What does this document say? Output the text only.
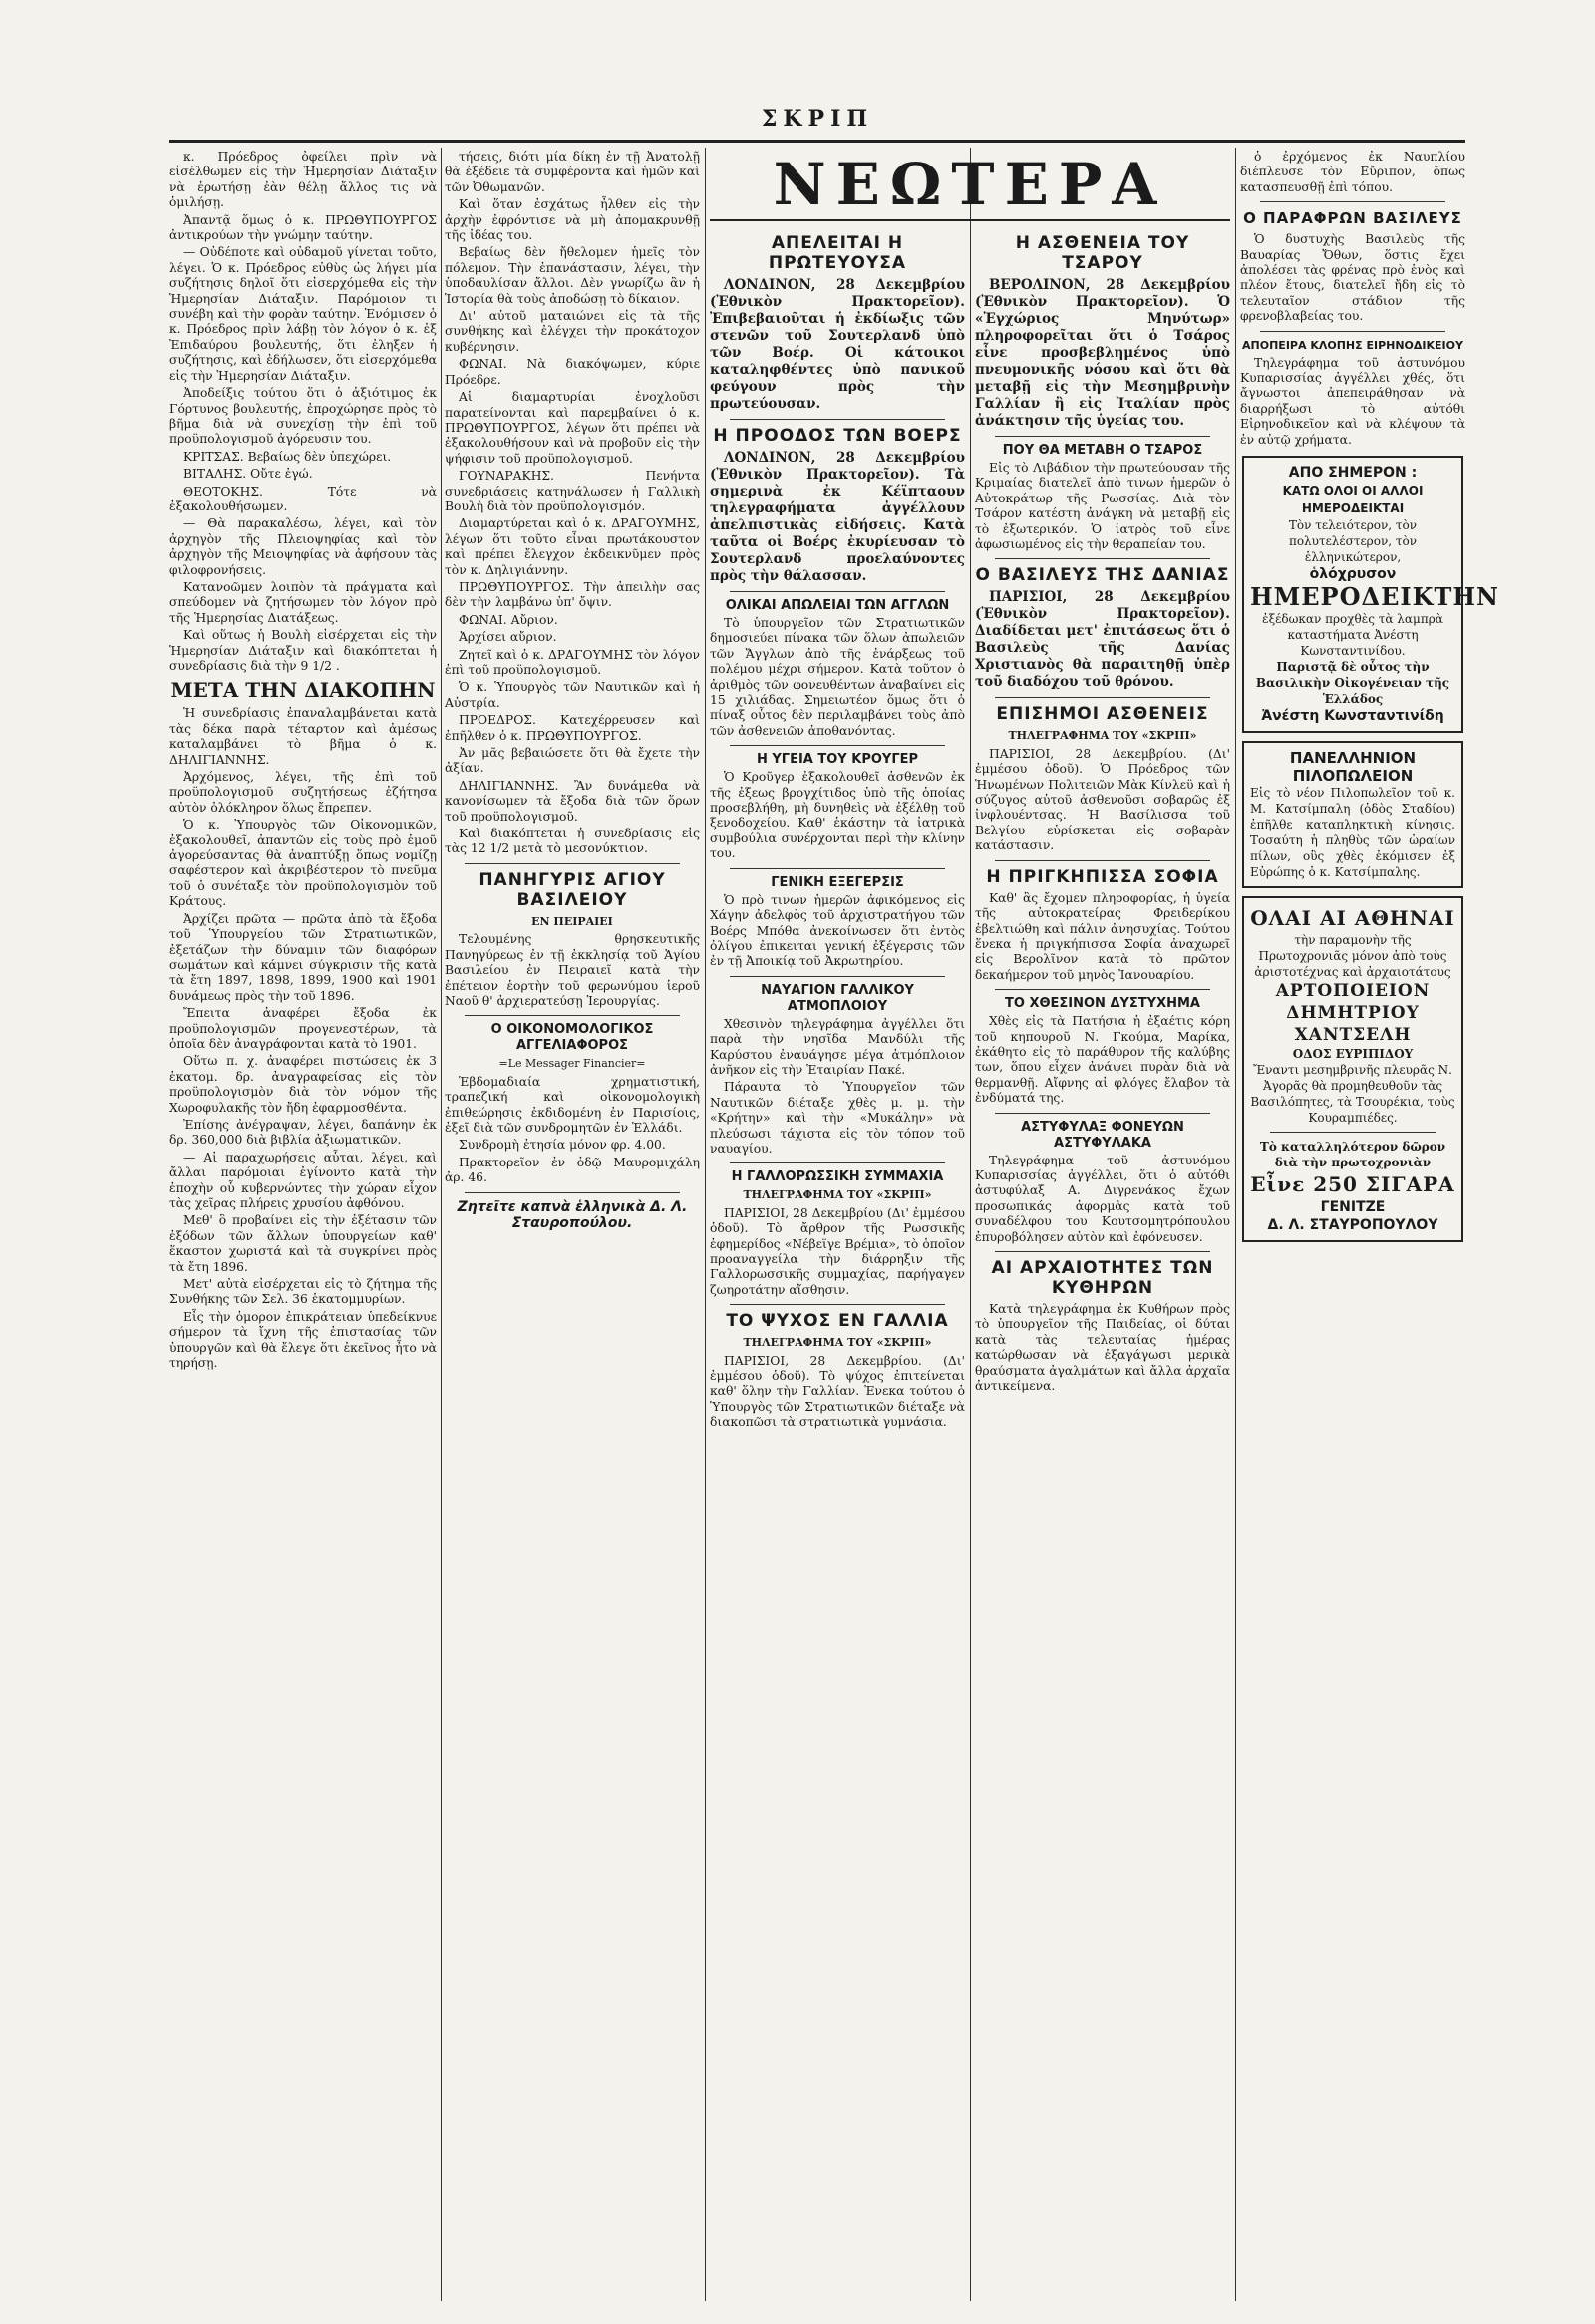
ΣΚΡΙΠ

κ. Πρόεδρος ὀφείλει πρὶν νὰ εἰσέλθωμεν εἰς τὴν Ἡμερησίαν Διάταξιν νὰ ἐρωτήσῃ ἐὰν θέλῃ ἄλλος τις νὰ ὁμιλήσῃ.

Ἀπαντᾷ ὅμως ὁ κ. ΠΡΩΘΥΠΟΥΡΓΟΣ ἀντικρούων τὴν γνώμην ταύτην.

— Οὐδέποτε καὶ οὐδαμοῦ γίνεται τοῦτο, λέγει. Ὁ κ. Πρόεδρος εὐθὺς ὡς λήγει μία συζήτησις δηλοῖ ὅτι εἰσερχόμεθα εἰς τὴν Ἡμερησίαν Διάταξιν. Παρόμοιον τι συνέβη καὶ τὴν φορὰν ταύτην. Ἐνόμισεν ὁ κ. Πρόεδρος πρὶν λάβῃ τὸν λόγον ὁ κ. ἐξ Ἐπιδαύρου βουλευτής, ὅτι ἐληξεν ἡ συζήτησις, καὶ ἐδήλωσεν, ὅτι εἰσερχόμεθα εἰς τὴν Ἡμερησίαν Διάταξιν.

Ἀποδείξις τούτου ὅτι ὁ ἀξιότιμος ἐκ Γόρτυνος βουλευτής, ἐπροχώρησε πρὸς τὸ βῆμα διὰ νὰ συνεχίσῃ τὴν ἐπὶ τοῦ προϋπολογισμοῦ ἀγόρευσιν του.

ΚΡΙΤΣΑΣ. Βεβαίως δὲν ὑπεχώρει.

ΒΙΤΑΛΗΣ. Οὔτε ἐγώ.

ΘΕΟΤΟΚΗΣ. Τότε νὰ ἐξακολουθήσωμεν.

— Θὰ παρακαλέσω, λέγει, καὶ τὸν ἀρχηγὸν τῆς Πλειοψηφίας καὶ τὸν ἀρχηγὸν τῆς Μειοψηφίας νὰ ἀφήσουν τὰς φιλοφρονήσεις.

Κατανοῶμεν λοιπὸν τὰ πράγματα καὶ σπεύδομεν νὰ ζητήσωμεν τὸν λόγον πρὸ τῆς Ἡμερησίας Διατάξεως.

Καὶ οὕτως ἡ Βουλὴ εἰσέρχεται εἰς τὴν Ἡμερησίαν Διάταξιν καὶ διακόπτεται ἡ συνεδρίασις διὰ τὴν 9 1/2 .

ΜΕΤΑ ΤΗΝ ΔΙΑΚΟΠΗΝ

Ἡ συνεδρίασις ἐπαναλαμβάνεται κατὰ τὰς δέκα παρὰ τέταρτον καὶ ἀμέσως καταλαμβάνει τὸ βῆμα ὁ κ. ΔΗΛΙΓΙΑΝΝΗΣ.

Ἀρχόμενος, λέγει, τῆς ἐπὶ τοῦ προϋπολογισμοῦ συζητήσεως ἐζήτησα αὐτὸν ὁλόκληρον ὅλως ἔπρεπεν.

Ὁ κ. Ὑπουργὸς τῶν Οἰκονομικῶν, ἐξακολουθεῖ, ἀπαντῶν εἰς τοὺς πρὸ ἐμοῦ ἀγορεύσαντας θὰ ἀναπτύξῃ ὅπως νομίζῃ σαφέστερον καὶ ἀκριβέστερον τὸ πνεῦμα τοῦ ὁ συνέταξε τὸν προϋπολογισμὸν τοῦ Κράτους.

Ἀρχίζει πρῶτα — πρῶτα ἀπὸ τὰ ἔξοδα τοῦ Ὑπουργείου τῶν Στρατιωτικῶν, ἐξετάζων τὴν δύναμιν τῶν διαφόρων σωμάτων καὶ κάμνει σύγκρισιν τῆς κατὰ τὰ ἔτη 1897, 1898, 1899, 1900 καὶ 1901 δυνάμεως πρὸς τὴν τοῦ 1896.

Ἔπειτα ἀναφέρει ἔξοδα ἐκ προϋπολογισμῶν προγενεστέρων, τὰ ὁποῖα δὲν ἀναγράφονται κατὰ τὸ 1901.

Οὕτω π. χ. ἀναφέρει πιστώσεις ἐκ 3 ἑκατομ. δρ. ἀναγραφείσας εἰς τὸν προϋπολογισμὸν διὰ τὸν νόμον τῆς Χωροφυλακῆς τὸν ἤδη ἐφαρμοσθέντα.

Ἐπίσης ἀνέγραψαν, λέγει, δαπάνην ἐκ δρ. 360,000 διὰ βιβλία ἀξιωματικῶν.

— Αἱ παραχωρήσεις αὗται, λέγει, καὶ ἄλλαι παρόμοιαι ἐγίνοντο κατὰ τὴν ἐποχὴν οὗ κυβερνώντες τὴν χώραν εἶχον τὰς χεῖρας πλήρεις χρυσίου ἀφθόνου.

Μεθ' ὃ προβαίνει εἰς τὴν ἐξέτασιν τῶν ἐξόδων τῶν ἄλλων ὑπουργείων καθ' ἕκαστον χωριστά καὶ τὰ συγκρίνει πρὸς τὰ ἔτη 1896.

Μετ' αὐτὰ εἰσέρχεται εἰς τὸ ζήτημα τῆς Συνθήκης τῶν Σελ. 36 ἑκατομμυρίων.

Εἶς τὴν ὁμορον ἐπικράτειαν ὑπεδείκνυε σήμερον τὰ ἴχνη τῆς ἐπιστασίας τῶν ὑπουργῶν καὶ θὰ ἔλεγε ὅτι ἐκεῖνος ἦτο νὰ τηρήσῃ.

τήσεις, διότι μία δίκη ἐν τῇ Ἀνατολῇ θὰ ἐξέδειε τὰ συμφέροντα καὶ ἡμῶν καὶ τῶν Ὀθωμανῶν.

Καὶ ὅταν ἐσχάτως ἦλθεν εἰς τὴν ἀρχὴν ἐφρόντισε νὰ μὴ ἀπομακρυνθῇ τῆς ἰδέας του.

Βεβαίως δὲν ἤθελομεν ἡμεῖς τὸν πόλεμον. Τὴν ἐπανάστασιν, λέγει, τὴν ὑποδαυλίσαν ἄλλοι. Δὲν γνωρίζω ἂν ἡ Ἱστορία θὰ τοὺς ἀποδώσῃ τὸ δίκαιον.

Δι' αὐτοῦ ματαιώνει εἰς τὰ τῆς συνθήκης καὶ ἐλέγχει τὴν προκάτοχον κυβέρνησιν.

ΦΩΝΑΙ. Νὰ διακόψωμεν, κύριε Πρόεδρε.

Αἱ διαμαρτυρίαι ἐνοχλοῦσι παρατείνονται καὶ παρεμβαίνει ὁ κ. ΠΡΩΘΥΠΟΥΡΓΟΣ, λέγων ὅτι πρέπει νὰ ἐξακολουθήσουν καὶ νὰ προβοῦν εἰς τὴν ψήφισιν τοῦ προϋπολογισμοῦ.

ΓΟΥΝΑΡΑΚΗΣ. Πενήντα συνεδριάσεις κατηνάλωσεν ἡ Γαλλικὴ Βουλὴ διὰ τὸν προϋπολογισμόν.

Διαμαρτύρεται καὶ ὁ κ. ΔΡΑΓΟΥΜΗΣ, λέγων ὅτι τοῦτο εἶναι πρωτάκουστον καὶ πρέπει ἔλεγχον ἐκδεικνῦμεν πρὸς τὸν κ. Δηλιγιάννην.

ΠΡΩΘΥΠΟΥΡΓΟΣ. Τὴν ἀπειλὴν σας δὲν τὴν λαμβάνω ὑπ' ὄψιν.

ΦΩΝΑΙ. Αὔριον.

Ἀρχίσει αὔριον.

Ζητεῖ καὶ ὁ κ. ΔΡΑΓΟΥΜΗΣ τὸν λόγον ἐπὶ τοῦ προϋπολογισμοῦ.

Ὁ κ. Ὑπουργὸς τῶν Ναυτικῶν καὶ ἡ Αὐστρία.

ΠΡΟΕΔΡΟΣ. Κατεχέρρευσεν καὶ ἐπῆλθεν ὁ κ. ΠΡΩΘΥΠΟΥΡΓΟΣ.

Ἀν μᾶς βεβαιώσετε ὅτι θὰ ἔχετε τὴν ἀξίαν.

ΔΗΛΙΓΙΑΝΝΗΣ. Ἂν δυνάμεθα νὰ κανονίσωμεν τὰ ἔξοδα διὰ τῶν ὅρων τοῦ προϋπολογισμοῦ.

Καὶ διακόπτεται ἡ συνεδρίασις εἰς τὰς 12 1/2 μετὰ τὸ μεσονύκτιον.

ΠΑΝΗΓΥΡΙΣ ΑΓΙΟΥ ΒΑΣΙΛΕΙΟΥ
ΕΝ ΠΕΙΡΑΙΕΙ

Τελουμένης θρησκευτικῆς Πανηγύρεως ἐν τῇ ἐκκλησίᾳ τοῦ Ἁγίου Βασιλείου ἐν Πειραιεῖ κατὰ τὴν ἐπέτειον ἑορτὴν τοῦ φερωνύμου ἱεροῦ Ναοῦ θ' ἀρχιερατεύσῃ Ἱερουργίας.

Ο ΟΙΚΟΝΟΜΟΛΟΓΙΚΟΣ ΑΓΓΕΛΙΑΦΟΡΟΣ
=Le Messager Financier=

Ἑβδομαδιαία χρηματιστική, τραπεζική καὶ οἰκονομολογικὴ ἐπιθεώρησις ἐκδιδομένη ἐν Παρισίοις, ἐξεῖ διὰ τῶν συνδρομητῶν ἐν Ἑλλάδι.

Συνδρομὴ ἐτησία μόνον φρ. 4.00.

Πρακτορεῖον ἐν ὁδῷ Μαυρομιχάλη ἀρ. 46.

Ζητεῖτε καπνὰ ἑλληνικὰ Δ. Λ. Σταυροπούλου.
ΝΕΩΤΕΡΑ
ΑΠΕΛΕΙΤΑΙ Η ΠΡΩΤΕΥΟΥΣΑ

ΛΟΝΔΙΝΟΝ, 28 Δεκεμβρίου (Ἐθνικὸν Πρακτορεῖον). Ἐπιβεβαιοῦται ἡ ἐκδίωξις τῶν στενῶν τοῦ Σουτερλανδ ὑπὸ τῶν Βοέρ. Οἱ κάτοικοι καταληφθέντες ὑπὸ πανικοῦ φεύγουν πρὸς τὴν πρωτεύουσαν.

Η ΠΡΟΟΔΟΣ ΤΩΝ ΒΟΕΡΣ

ΛΟΝΔΙΝΟΝ, 28 Δεκεμβρίου (Ἐθνικὸν Πρακτορεῖον). Τὰ σημερινὰ ἐκ Κέϊπταουν τηλεγραφήματα ἀγγέλλουν ἀπελπιστικὰς εἰδήσεις. Κατὰ ταῦτα οἱ Βοέρς ἐκυρίευσαν τὸ Σουτερλανδ προελαύνοντες πρὸς τὴν θάλασσαν.

ΟΛΙΚΑΙ ΑΠΩΛΕΙΑΙ ΤΩΝ ΑΓΓΛΩΝ

Τὸ ὑπουργεῖον τῶν Στρατιωτικῶν δημοσιεύει πίνακα τῶν ὅλων ἀπωλειῶν τῶν Ἄγγλων ἀπὸ τῆς ἐνάρξεως τοῦ πολέμου μέχρι σήμερον. Κατὰ τοῦτον ὁ ἀριθμὸς τῶν φονευθέντων ἀναβαίνει εἰς 15 χιλιάδας. Σημειωτέον ὅμως ὅτι ὁ πίναξ οὗτος δὲν περιλαμβάνει τοὺς ἀπὸ τῶν ἀσθενειῶν ἀποθανόντας.

Η ΥΓΕΙΑ ΤΟΥ ΚΡΟΥΓΕΡ

Ὁ Κροῦγερ ἐξακολουθεῖ ἀσθενῶν ἐκ τῆς ἐξεως βρογχίτιδος ὑπὸ τῆς ὁποίας προσεβλήθη, μὴ δυνηθεὶς νὰ ἐξέλθῃ τοῦ ξενοδοχείου. Καθ' ἑκάστην τὰ ἰατρικὰ συμβούλια συνέρχονται περὶ τὴν κλίνην του.

ΓΕΝΙΚΗ ΕΞΕΓΕΡΣΙΣ

Ὁ πρὸ τινων ἡμερῶν ἀφικόμενος εἰς Χάγην ἀδελφὸς τοῦ ἀρχιστρατήγου τῶν Βοέρς Μπόθα ἀνεκοίνωσεν ὅτι ἐντὸς ὀλίγου ἐπικειται γενική ἐξέγερσις τῶν ἐν τῇ Ἀποικίᾳ τοῦ Ἀκρωτηρίου.

ΝΑΥΑΓΙΟΝ ΓΑΛΛΙΚΟΥ ΑΤΜΟΠΛΟΙΟΥ

Χθεσινὸν τηλεγράφημα ἀγγέλλει ὅτι παρὰ τὴν νησῖδα Μανδύλι τῆς Καρύστου ἐναυάγησε μέγα ἀτμόπλοιον ἀνῆκον εἰς τὴν Ἑταιρίαν Πακέ.

Πάραυτα τὸ Ὑπουργεῖον τῶν Ναυτικῶν διέταξε χθὲς μ. μ. τὴν «Κρήτην» καὶ τὴν «Μυκάλην» νὰ πλεύσωσι τάχιστα εἰς τὸν τόπον τοῦ ναυαγίου.

Η ΓΑΛΛΟΡΩΣΣΙΚΗ ΣΥΜΜΑΧΙΑ
ΤΗΛΕΓΡΑΦΗΜΑ ΤΟΥ «ΣΚΡΙΠ»

ΠΑΡΙΣΙΟΙ, 28 Δεκεμβρίου (Δι' ἐμμέσου ὁδοῦ). Τὸ ἄρθρον τῆς Ρωσσικῆς ἐφημερίδος «Νέβεϊγε Βρέμια», τὸ ὁποῖον προαναγγείλα τὴν διάρρηξιν τῆς Γαλλορωσσικῆς συμμαχίας, παρήγαγεν ζωηροτάτην αἴσθησιν.

ΤΟ ΨΥΧΟΣ ΕΝ ΓΑΛΛΙΑ
ΤΗΛΕΓΡΑΦΗΜΑ ΤΟΥ «ΣΚΡΙΠ»

ΠΑΡΙΣΙΟΙ, 28 Δεκεμβρίου. (Δι' ἐμμέσου ὁδοῦ). Τὸ ψύχος ἐπιτείνεται καθ' ὅλην τὴν Γαλλίαν. Ἐνεκα τούτου ὁ Ὑπουργὸς τῶν Στρατιωτικῶν διέταξε νὰ διακοπῶσι τὰ στρατιωτικὰ γυμνάσια.

Η ΑΣΘΕΝΕΙΑ ΤΟΥ ΤΣΑΡΟΥ

ΒΕΡΟΛΙΝΟΝ, 28 Δεκεμβρίου (Ἐθνικὸν Πρακτορεῖον). Ὁ «Ἐγχώριος Μηνύτωρ» πληροφορεῖται ὅτι ὁ Τσάρος εἶνε προσβεβλημένος ὑπὸ πνευμονικῆς νόσου καὶ ὅτι θὰ μεταβῇ εἰς τὴν Μεσημβρινὴν Γαλλίαν ἢ εἰς Ἰταλίαν πρὸς ἀνάκτησιν τῆς ὑγείας του.

ΠΟΥ ΘΑ ΜΕΤΑΒΗ Ο ΤΣΑΡΟΣ

Εἰς τὸ Λιβάδιον τὴν πρωτεύουσαν τῆς Κριμαίας διατελεῖ ἀπὸ τινων ἡμερῶν ὁ Αὐτοκράτωρ τῆς Ρωσσίας. Διὰ τὸν Τσάρον κατέστη ἀνάγκη νὰ μεταβῇ εἰς τὸ ἐξωτερικόν. Ὁ ἰατρὸς τοῦ εἶνε ἀφωσιωμένος εἰς τὴν θεραπείαν του.

Ο ΒΑΣΙΛΕΥΣ ΤΗΣ ΔΑΝΙΑΣ

ΠΑΡΙΣΙΟΙ, 28 Δεκεμβρίου (Ἐθνικὸν Πρακτορεῖον). Διαδίδεται μετ' ἐπιτάσεως ὅτι ὁ Βασιλεὺς τῆς Δανίας Χριστιανὸς θὰ παραιτηθῇ ὑπὲρ τοῦ διαδόχου τοῦ θρόνου.

ΕΠΙΣΗΜΟΙ ΑΣΘΕΝΕΙΣ
ΤΗΛΕΓΡΑΦΗΜΑ ΤΟΥ «ΣΚΡΙΠ»

ΠΑΡΙΣΙΟΙ, 28 Δεκεμβρίου. (Δι' ἐμμέσου ὁδοῦ). Ὁ Πρόεδρος τῶν Ἡνωμένων Πολιτειῶν Μὰκ Κίνλεϋ καὶ ἡ σύζυγος αὐτοῦ ἀσθενοῦσι σοβαρῶς ἐξ ἰνφλουέντσας. Ἡ Βασίλισσα τοῦ Βελγίου εὑρίσκεται εἰς σοβαρὰν κατάστασιν.

Η ΠΡΙΓΚΗΠΙΣΣΑ ΣΟΦΙΑ

Καθ' ἃς ἔχομεν πληροφορίας, ἡ ὑγεία τῆς αὐτοκρατείρας Φρειδερίκου ἐβελτιώθη καὶ πάλιν ἀνησυχίας. Τούτου ἕνεκα ἡ πριγκήπισσα Σοφία ἀναχωρεῖ εἰς Βερολῖνον κατὰ τὸ πρῶτον δεκαήμερον τοῦ μηνὸς Ἰανουαρίου.

ΤΟ ΧΘΕΣΙΝΟΝ ΔΥΣΤΥΧΗΜΑ

Χθὲς εἰς τὰ Πατήσια ἡ ἐξαέτις κόρη τοῦ κηπουροῦ Ν. Γκούμα, Μαρίκα, ἐκάθητο εἰς τὸ παράθυρον τῆς καλύβης των, ὅπου εἶχεν ἀνάψει πυρὰν διὰ νὰ θερμανθῇ. Αἴφνης αἱ φλόγες ἔλαβον τὰ ἐνδύματά της.

ΑΣΤΥΦΥΛΑΞ ΦΟΝΕΥΩΝ ΑΣΤΥΦΥΛΑΚΑ

Τηλεγράφημα τοῦ ἀστυνόμου Κυπαρισσίας ἀγγέλλει, ὅτι ὁ αὐτόθι ἀστυφύλαξ Α. Διγρενάκος ἔχων προσωπικάς ἀφορμὰς κατὰ τοῦ συναδέλφου του Κουτσομητρόπουλου ἐπυροβόλησεν αὐτὸν καὶ ἐφόνευσεν.

ΑΙ ΑΡΧΑΙΟΤΗΤΕΣ ΤΩΝ ΚΥΘΗΡΩΝ

Κατὰ τηλεγράφημα ἐκ Κυθήρων πρὸς τὸ ὑπουργεῖον τῆς Παιδείας, οἱ δύται κατὰ τὰς τελευταίας ἡμέρας κατώρθωσαν νὰ ἐξαγάγωσι μερικὰ θραύσματα ἀγαλμάτων καὶ ἄλλα ἀρχαῖα ἀντικείμενα.

ὁ ἐρχόμενος ἐκ Ναυπλίου διέπλευσε τὸν Εὔριπον, ὅπως κατασπευσθῇ ἐπὶ τόπου.

Ο ΠΑΡΑΦΡΩΝ ΒΑΣΙΛΕΥΣ

Ὁ δυστυχὴς Βασιλεὺς τῆς Βαυαρίας Ὄθων, ὅστις ἔχει ἀπολέσει τὰς φρένας πρὸ ἑνὸς καὶ πλέον ἔτους, διατελεῖ ἤδη εἰς τὸ τελευταῖον στάδιον τῆς φρενοβλαβείας του.

ΑΠΟΠΕΙΡΑ ΚΛΟΠΗΣ ΕΙΡΗΝΟΔΙΚΕΙΟΥ

Τηλεγράφημα τοῦ ἀστυνόμου Κυπαρισσίας ἀγγέλλει χθές, ὅτι ἄγνωστοι ἀπεπειράθησαν νὰ διαρρήξωσι τὸ αὐτόθι Εἰρηνοδικεῖον καὶ νὰ κλέψουν τὰ ἐν αὐτῷ χρήματα.

ΑΠΟ ΣΗΜΕΡΟΝ :
ΚΑΤΩ ΟΛΟΙ ΟΙ ΑΛΛΟΙ ΗΜΕΡΟΔΕΙΚΤΑΙ
Τὸν τελειότερον, τὸν πολυτελέστερον, τὸν ἑλληνικώτερον,
ὁλόχρυσον
ΗΜΕΡΟΔΕΙΚΤΗΝ
ἐξέδωκαν προχθὲς τὰ λαμπρὰ καταστήματα Ἀνέστη Κωνσταντινίδου.
Παριστᾷ δὲ οὗτος τὴν Βασιλικὴν Οἰκογένειαν τῆς Ἑλλάδος
Ἀνέστη Κωνσταντινίδη
ΠΑΝΕΛΛΗΝΙΟΝ ΠΙΛΟΠΩΛΕΙΟΝ
Εἰς τὸ νέον Πιλοπωλεῖον τοῦ κ. Μ. Κατσίμπαλη (ὁδὸς Σταδίου) ἐπῆλθε καταπληκτικὴ κίνησις. Τοσαύτη ἡ πληθὺς τῶν ὡραίων πίλων, οὓς χθὲς ἐκόμισεν ἐξ Εὐρώπης ὁ κ. Κατσίμπαλης.
ΟΛΑΙ ΑΙ ΑΘΗΝΑΙ
τὴν παραμονὴν τῆς Πρωτοχρονιᾶς μόνον ἀπὸ τοὺς ἀριστοτέχνας καὶ ἀρχαιοτάτους
ΑΡΤΟΠΟΙΕΙΟΝ ΔΗΜΗΤΡΙΟΥ ΧΑΝΤΣΕΛΗ
ΟΔΟΣ ΕΥΡΙΠΙΔΟΥ
Ἔναντι μεσημβρινῆς πλευρᾶς Ν. Ἀγορᾶς θὰ προμηθευθοῦν τὰς Βασιλόπητες, τὰ Τσουρέκια, τοὺς Κουραμπιέδες.
Τὸ καταλληλότερον δῶρον διὰ τὴν πρωτοχρονιὰν
Εἶνε 250 ΣΙΓΑΡΑ
ΓΕΝΙΤΖΕ
Δ. Λ. ΣΤΑΥΡΟΠΟΥΛΟΥ
